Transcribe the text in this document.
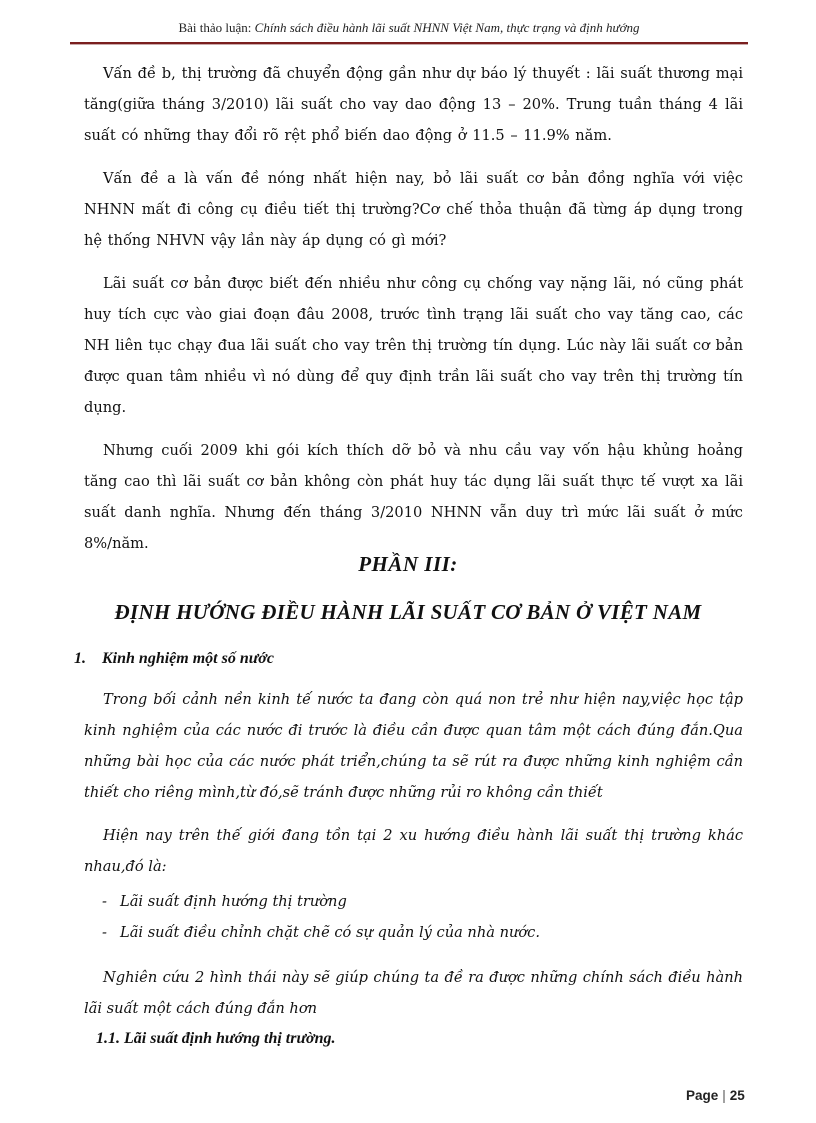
Bài thảo luận: Chính sách điều hành lãi suất NHNN Việt Nam, thực trạng và định hướng

Vấn đề b, thị trường đã chuyển động gần như dự báo lý thuyết : lãi suất thương mại tăng(giữa tháng 3/2010) lãi suất cho vay dao động 13 – 20%. Trung tuần tháng 4 lãi suất có những thay đổi rõ rệt phổ biến dao động ở 11.5 – 11.9% năm.

Vấn đề a là vấn đề nóng nhất hiện nay, bỏ lãi suất cơ bản đồng nghĩa với việc NHNN mất đi công cụ điều tiết thị trường?Cơ chế thỏa thuận đã từng áp dụng trong hệ thống NHVN vậy lần này áp dụng có gì mới?

Lãi suất cơ bản được biết đến nhiều như công cụ chống vay nặng lãi, nó cũng phát huy tích cực vào giai đoạn đâu 2008, trước tình trạng lãi suất cho vay tăng cao, các NH liên tục chạy đua lãi suất cho vay trên thị trường tín dụng. Lúc này lãi suất cơ bản được quan tâm nhiều vì nó dùng để quy định trần lãi suất cho vay trên thị trường tín dụng.

Nhưng cuối 2009 khi gói kích thích dỡ bỏ và nhu cầu vay vốn hậu khủng hoảng tăng cao thì lãi suất cơ bản không còn phát huy tác dụng lãi suất thực tế vượt xa lãi suất danh nghĩa. Nhưng đến tháng 3/2010 NHNN vẫn duy trì mức lãi suất ở mức 8%/năm.

PHẦN III:
ĐỊNH HƯỚNG ĐIỀU HÀNH LÃI SUẤT CƠ BẢN Ở VIỆT NAM
1. Kinh nghiệm một số nước

Trong bối cảnh nền kinh tế nước ta đang còn quá non trẻ như hiện nay,việc học tập kinh nghiệm của các nước đi trước là điều cần được quan tâm một cách đúng đắn.Qua những bài học của các nước phát triển,chúng ta sẽ rút ra được những kinh nghiệm cần thiết cho riêng mình,từ đó,sẽ tránh được những rủi ro không cần thiết

Hiện nay trên thế giới đang tồn tại 2 xu hướng điều hành lãi suất thị trường khác nhau,đó là:

- Lãi suất định hướng thị trường
- Lãi suất điều chỉnh chặt chẽ có sự quản lý của nhà nước.

Nghiên cứu 2 hình thái này sẽ giúp chúng ta đề ra được những chính sách điều hành lãi suất một cách đúng đắn hơn

1.1. Lãi suất định hướng thị trường.
Page | 25
